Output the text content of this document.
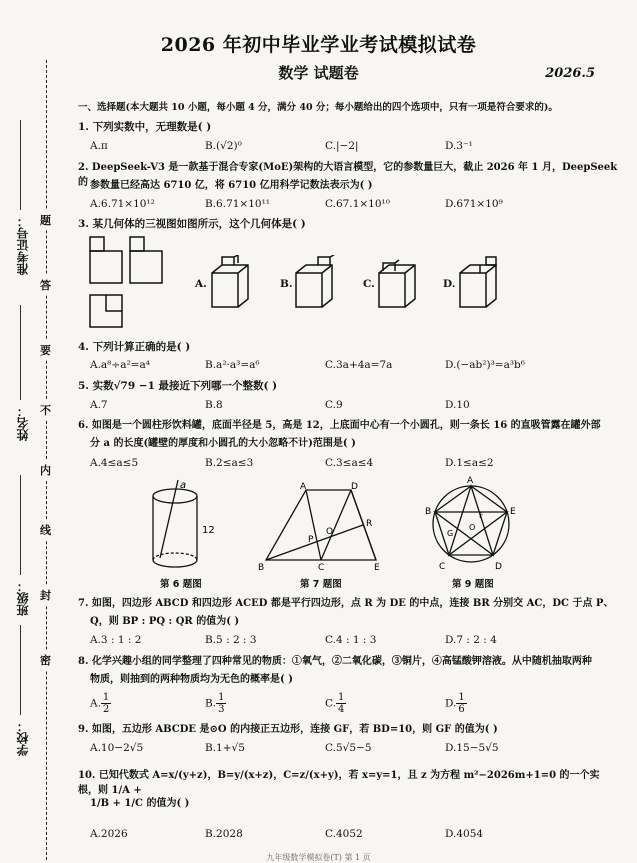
题
答
要
不
内
线
封
密
准考证号：
姓名：
班级：
学校：
2026 年初中毕业学业考试模拟试卷
数学 试题卷	2026.5
一、选择题(本大题共 10 小题，每小题 4 分，满分 40 分；每小题给出的四个选项中，只有一项是符合要求的)。
1. 下列实数中，无理数是( )
A.π	B.(√2)⁰	C.|−2|	D.3⁻¹
2. DeepSeek-V3 是一款基于混合专家(MoE)架构的大语言模型，它的参数量巨大，截止 2026 年 1 月，DeepSeek 的 参数量已经高达 6710 亿，将 6710 亿用科学记数法表示为( )
A.6.71×10¹²	B.6.71×10¹¹	C.67.1×10¹⁰	D.671×10⁹
3. 某几何体的三视图如图所示，这个几何体是( )
A.	B.	C.	D.
4. 下列计算正确的是( )
A.a⁸÷a²=a⁴	B.a²·a³=a⁶	C.3a+4a=7a	D.(−ab²)³=a³b⁶
5. 实数√79 −1 最接近下列哪一个整数( )
A.7	B.8	C.9	D.10
6. 如图是一个圆柱形饮料罐，底面半径是 5，高是 12，上底面中心有一个小圆孔，则一条长 16 的直吸管露在罐外部
分 a 的长度(罐壁的厚度和小圆孔的大小忽略不计)范围是( )
A.4≤a≤5	B.2≤a≤3	C.3≤a≤4	D.1≤a≤2
a
12
第 6 题图
A	D
R
O
P
B	C	E
第 7 题图
A
B
C	D
E
F
G
O
第 9 题图
7. 如图，四边形 ABCD 和四边形 ACED 都是平行四边形，点 R 为 DE 的中点，连接 BR 分别交 AC，DC 于点 P、
Q，则 BP : PQ : QR 的值为( )
A.3 : 1 : 2	B.5 : 2 : 3	C.4 : 1 : 3	D.7 : 2 : 4
8. 化学兴趣小组的同学整理了四种常见的物质：①氧气，②二氧化碳，③铜片，④高锰酸钾溶液。从中随机抽取两种
物质，则抽到的两种物质均为无色的概率是( )
A. $\frac{1}{2}$	B. $\frac{1}{3}$	C. $\frac{1}{4}$	D. $\frac{1}{6}$
9. 如图，五边形 ABCDE 是⊙O 的内接正五边形，连接 GF，若 BD=10，则 GF 的值为( )
A.10−2√5	B.1+√5	C.5√5−5	D.15−5√5
10. 已知代数式 A=x/(y+z)，B=y/(x+z)，C=z/(x+y)，若 x=y=1，且 z 为方程 m²−2026m+1=0 的一个实根，则 1/A +
1/B + 1/C 的值为( )
A.2026	B.2028	C.4052	D.4054
九年级数学模拟卷(T) 第 1 页
